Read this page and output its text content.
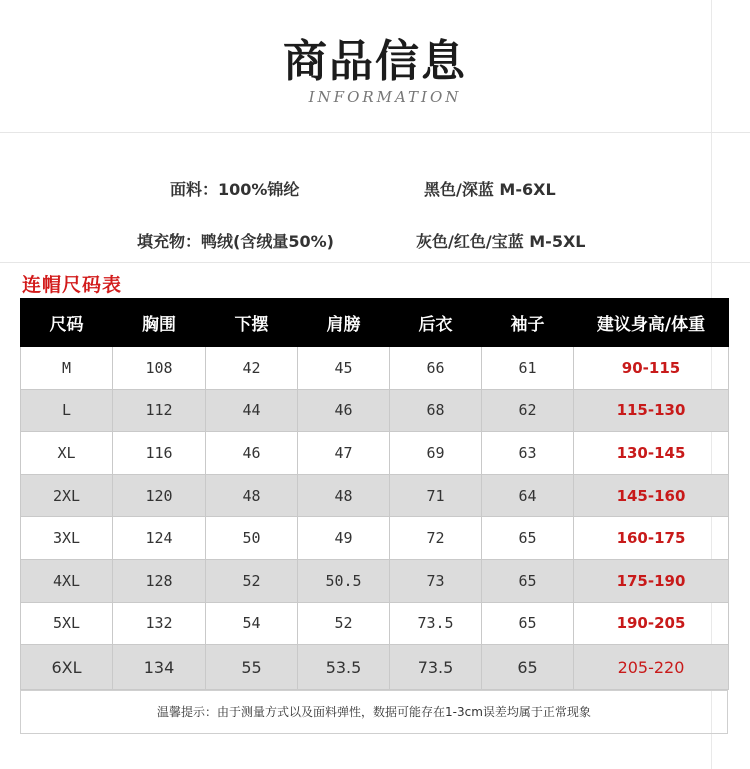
商品信息
INFORMATION
面料：100%锦纶	黑色/深蓝 M-6XL
填充物：鸭绒(含绒量50%)	灰色/红色/宝蓝 M-5XL
连帽尺码表
尺码	胸围	下摆	肩膀	后衣	袖子	建议身高/体重
M	108	42	45	66	61	90-115
L	112	44	46	68	62	115-130
XL	116	46	47	69	63	130-145
2XL	120	48	48	71	64	145-160
3XL	124	50	49	72	65	160-175
4XL	128	52	50.5	73	65	175-190
5XL	132	54	52	73.5	65	190-205
6XL	134	55	53.5	73.5	65	205-220
温馨提示：由于测量方式以及面料弹性，数据可能存在1-3cm误差均属于正常现象
